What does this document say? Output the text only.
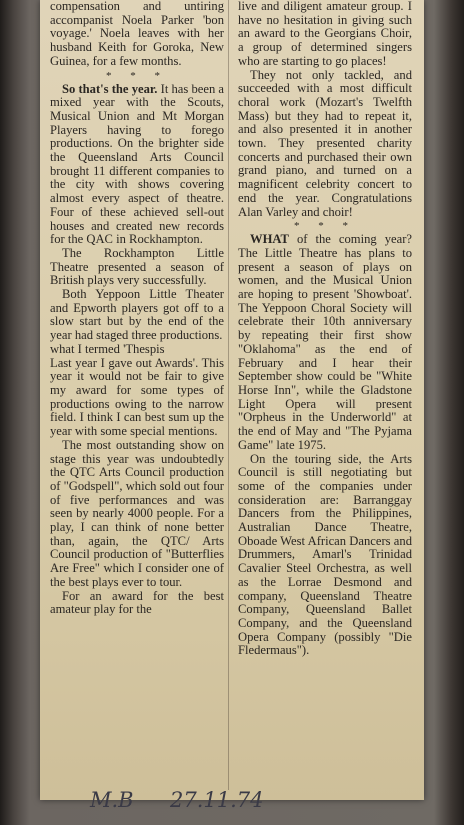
compensation and untiring accompanist Noela Parker 'bon voyage.' Noela leaves with her husband Keith for Goroka, New Guinea, for a few months.

* * *

So that's the year. It has been a mixed year with the Scouts, Musical Union and Mt Morgan Players having to forego productions. On the brighter side the Queensland Arts Council brought 11 different companies to the city with shows covering almost every aspect of theatre. Four of these achieved sell-out houses and created new records for the QAC in Rockhampton.

The Rockhampton Little Theatre presented a season of British plays very successfully.

Both Yeppoon Little Theater and Epworth players got off to a slow start but by the end of the year had staged three productions.

what I termed 'Thespis

Last year I gave out Awards'. This year it would not be fair to give my award for some types of productions owing to the narrow field. I think I can best sum up the year with some special mentions.

The most outstanding show on stage this year was undoubtedly the QTC Arts Council production of "Godspell", which sold out four of five performances and was seen by nearly 4000 people. For a play, I can think of none better than, again, the QTC/ Arts Council production of "Butterflies Are Free" which I consider one of the best plays ever to tour.

For an award for the best amateur play for the

live and diligent amateur group. I have no hesitation in giving such an award to the Georgians Choir, a group of determined singers who are starting to go places!

They not only tackled, and succeeded with a most difficult choral work (Mozart's Twelfth Mass) but they had to repeat it, and also presented it in another town. They presented charity concerts and purchased their own grand piano, and turned on a magnificent celebrity concert to end the year. Congratulations Alan Varley and choir!

* * *

WHAT of the coming year? The Little Theatre has plans to present a season of plays on women, and the Musical Union are hoping to present 'Showboat'. The Yeppoon Choral Society will celebrate their 10th anniversary by repeating their first show "Oklahoma" as the end of February and I hear their September show could be "White Horse Inn", while the Gladstone Light Opera will present "Orpheus in the Underworld" at the end of May and "The Pyjama Game" late 1975.

On the touring side, the Arts Council is still negotiating but some of the companies under consideration are: Barranggay Dancers from the Philippines, Australian Dance Theatre, Oboade West African Dancers and Drummers, Amarl's Trinidad Cavalier Steel Orchestra, as well as the Lorrae Desmond and company, Queensland Theatre Company, Queensland Ballet Company, and the Queensland Opera Company (possibly "Die Fledermaus").

M.B 27.11.74
